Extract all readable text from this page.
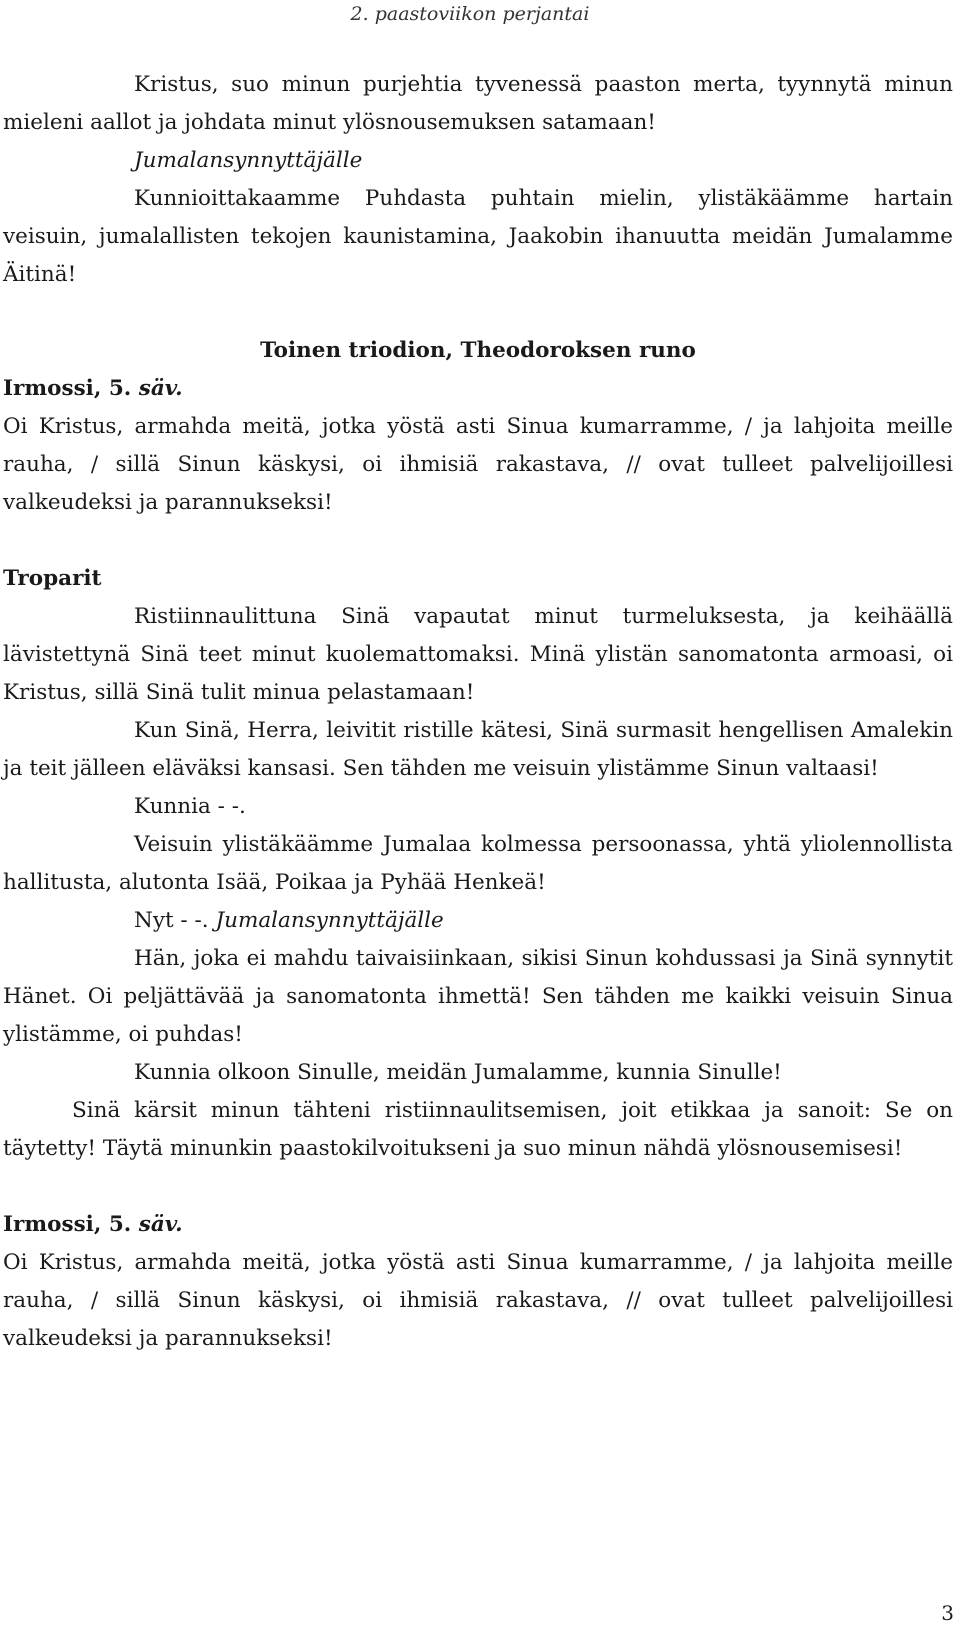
2. paastoviikon perjantai

Kristus, suo minun purjehtia tyvenessä paaston merta, tyynnytä minun mieleni aallot ja johdata minut ylösnousemuksen satamaan!

Jumalansynnyttäjälle

Kunnioittakaamme Puhdasta puhtain mielin, ylistäkäämme hartain veisuin, jumalallisten tekojen kaunistamina, Jaakobin ihanuutta meidän Jumalamme Äitinä!

Toinen triodion, Theodoroksen runo

Irmossi, 5. säv.

Oi Kristus, armahda meitä, jotka yöstä asti Sinua kumarramme, / ja lahjoita meille rauha, / sillä Sinun käskysi, oi ihmisiä rakastava, // ovat tulleet palvelijoillesi valkeudeksi ja parannukseksi!

Troparit

Ristiinnaulittuna Sinä vapautat minut turmeluksesta, ja keihäällä lävistettynä Sinä teet minut kuolemattomaksi. Minä ylistän sanomatonta armoasi, oi Kristus, sillä Sinä tulit minua pelastamaan!

Kun Sinä, Herra, leivitit ristille kätesi, Sinä surmasit hengellisen Amalekin ja teit jälleen eläväksi kansasi. Sen tähden me veisuin ylistämme Sinun valtaasi!

Kunnia - -.

Veisuin ylistäkäämme Jumalaa kolmessa persoonassa, yhtä yliolennollista hallitusta, alutonta Isää, Poikaa ja Pyhää Henkeä!

Nyt - -. Jumalansynnyttäjälle

Hän, joka ei mahdu taivaisiinkaan, sikisi Sinun kohdussasi ja Sinä synnytit Hänet. Oi peljättävää ja sanomatonta ihmettä! Sen tähden me kaikki veisuin Sinua ylistämme, oi puhdas!

Kunnia olkoon Sinulle, meidän Jumalamme, kunnia Sinulle!

Sinä kärsit minun tähteni ristiinnaulitsemisen, joit etikkaa ja sanoit: Se on täytetty! Täytä minunkin paastokilvoitukseni ja suo minun nähdä ylösnousemisesi!

Irmossi, 5. säv.

Oi Kristus, armahda meitä, jotka yöstä asti Sinua kumarramme, / ja lahjoita meille rauha, / sillä Sinun käskysi, oi ihmisiä rakastava, // ovat tulleet palvelijoillesi valkeudeksi ja parannukseksi!

3
